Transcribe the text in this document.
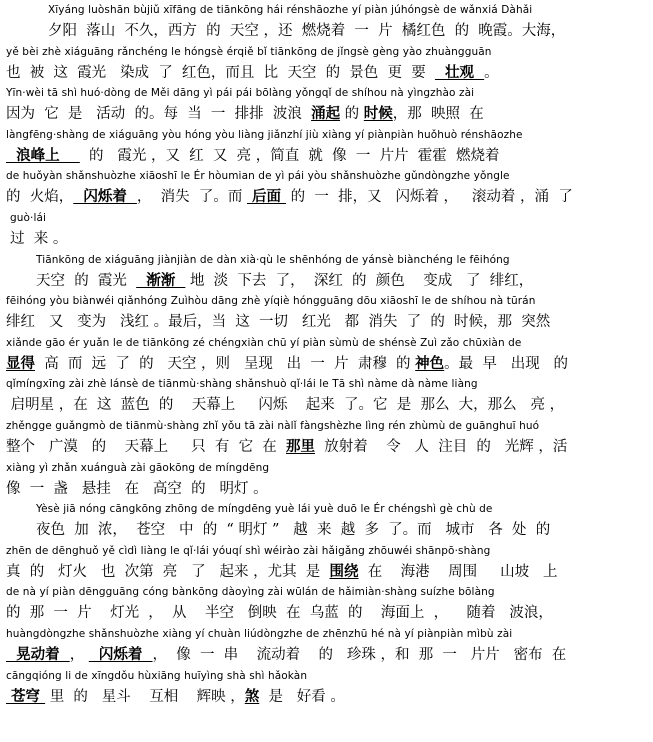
Xīyáng luòshān bùjiǔ xīfāng de tiānkōng hái rénshāozhe yí piàn júhóngsè de wǎnxiá Dàhǎi
夕阳  落山  不久，西方  的  天空 ，还  燃烧着  一  片  橘红色  的  晚霞。大海，
yě bèi zhè xiáguāng rǎnchéng le hóngsè érqiě bǐ tiānkōng de jǐngsè gèng yào zhuàngguān
也  被  这  霞光   染成  了  红色，而且  比  天空  的  景色  更  要    壮观  。
Yīn·wèi tā shì huó·dòng de Měi dāng yì pái pái bōlàng yǒngqǐ de shíhou nà yìngzhào zài
因为  它  是   活动  的。每  当  一  排排  波浪  涌起 的 时候，那  映照  在
làngfēng·shàng de xiáguāng yòu hóng yòu liàng jiǎnzhí jiù xiàng yí piànpiàn huǒhuò rénshāozhe
浪峰上      的   霞光 ，又  红  又  亮 ，简直  就  像  一  片片  霍霍  燃烧着
de huǒyàn shǎnshuòzhe xiāoshī le Ér hòumian de yì pái yòu shǎnshuòzhe gǔndòngzhe yǒngle
的  火焰，  闪烁着  ，  消失  了。而  后面  的  一  排，又   闪烁着 ，   滚动着 ，涌  了
guò·lái
过  来 。
Tiānkōng de xiáguāng jiànjiàn de dàn xià·qù le shēnhóng de yánsè biànchéng le fēihóng
天空  的  霞光    渐渐   地  淡  下去  了，  深红  的  颜色    变成   了  绯红，
fēihóng yòu biànwéi qiǎnhóng Zuìhòu dāng zhè yíqiè hóngguāng dōu xiāoshī le de shíhou nà tūrán
绯红   又   变为   浅红 。最后，当  这  一切   红光   都  消失  了  的  时候，那  突然
xiǎnde gāo ér yuǎn le de tiānkōng zé chéngxiàn chū yí piàn sùmù de shénsè Zuì zǎo chūxiàn de
显得  高  而  远  了  的   天空 ，则   呈现   出  一  片  肃穆  的 神色。最  早   出现   的
qǐmíngxīng zài zhè lánsè de tiānmù·shàng shǎnshuò qǐ·lái le Tā shì nàme dà nàme liàng
启明星 ，在  这  蓝色  的    天幕上     闪烁    起来  了。它  是  那么  大，那么   亮 ，
zhěngge guǎngmò de tiānmù·shàng zhǐ yǒu tā zài nàlǐ fàngshèzhe lìng rén zhùmù de guānghuī huó
整个   广漠   的    天幕上     只  有  它  在  那里  放射着    令   人  注目  的   光辉 ，活
xiàng yì zhǎn xuánguà zài gāokōng de míngdēng
像  一  盏   悬挂   在   高空  的   明灯 。
Yèsè jiā nóng cāngkōng zhōng de míngdēng yuè lái yuè duō le Ér chéngshì gè chù de
夜色  加  浓，  苍空   中  的  “ 明灯 ”   越  来  越  多  了。而   城市   各  处  的
zhēn de dēnghuǒ yě cìdì liàng le qǐ·lái yóuqí shì wéirào zài hǎigǎng zhōuwéi shānpō·shàng
真  的   灯火   也  次第  亮   了   起来 ，尤其  是  围绕  在    海港    周围     山坡   上
de nà yí piàn dēngguāng cóng bànkōng dàoyìng zài wūlán de hǎimiàn·shàng suízhe bōlàng
的  那  一  片    灯光  ，  从    半空   倒映  在  乌蓝  的    海面上  ，    随着   波浪，
huàngdòngzhe shǎnshuòzhe xiàng yí chuàn liúdòngzhe de zhēnzhū hé nà yí piànpiàn mìbù zài
晃动着  ，   闪烁着  ，  像  一  串    流动着    的   珍珠 ，和  那  一   片片   密布  在
cāngqióng li de xīngdǒu hùxiāng huīyìng shà shì hǎokàn
苍穹  里  的   星斗    互相    辉映 ，煞  是   好看 。
